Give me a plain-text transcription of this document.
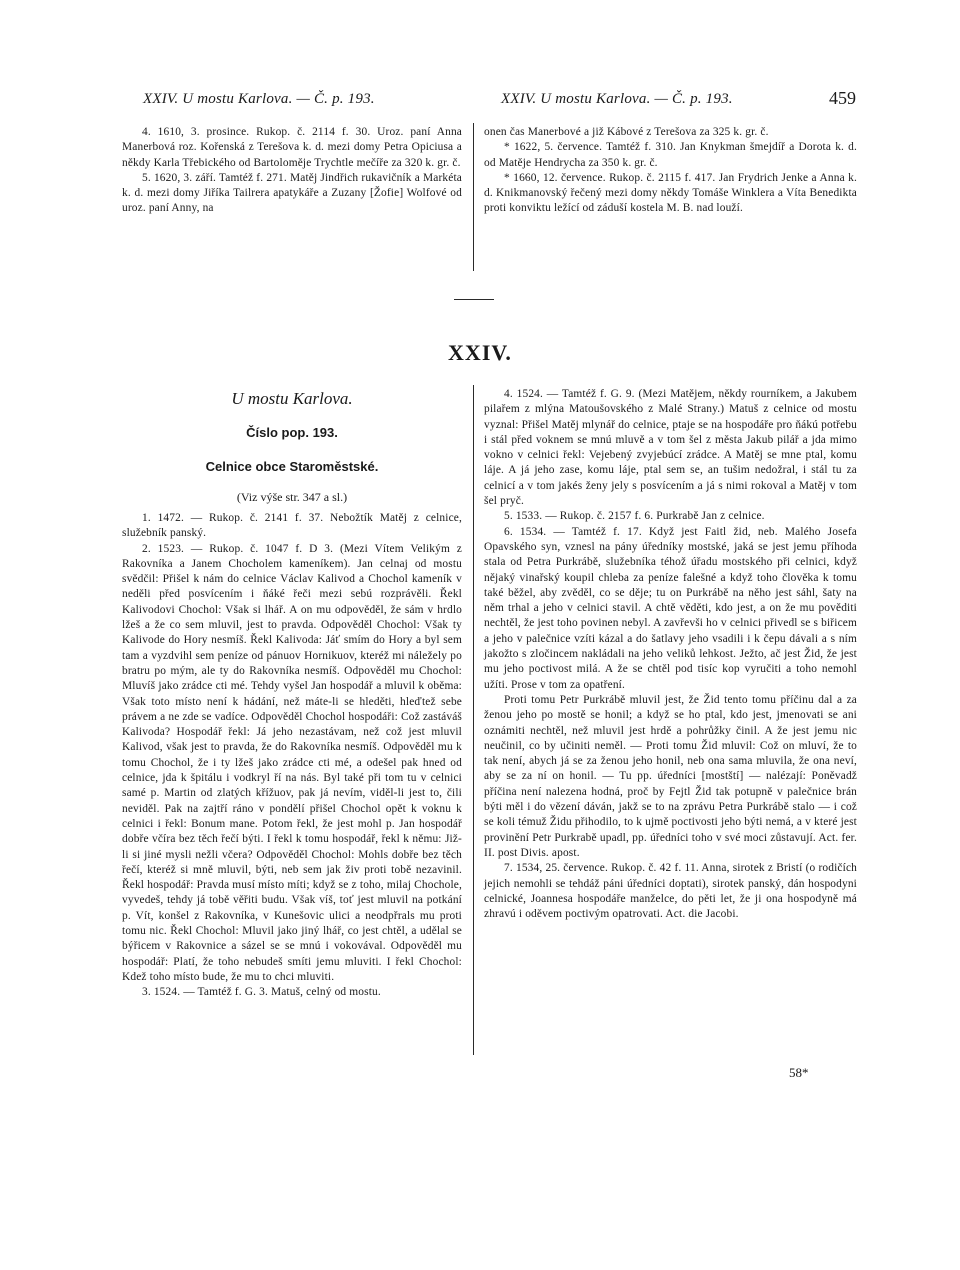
XXIV. U mostu Karlova. — Č. p. 193.	XXIV. U mostu Karlova. — Č. p. 193.	459

4. 1610, 3. prosince. Rukop. č. 2114 f. 30. Uroz. paní Anna Manerbová roz. Kořenská z Terešova k. d. mezi domy Petra Opiciusa a někdy Karla Třebického od Bartoloměje Trychtle mečíře za 320 k. gr. č.

5. 1620, 3. září. Tamtéž f. 271. Matěj Jindřich rukavičník a Markéta k. d. mezi domy Jiříka Tailrera apatykáře a Zuzany [Žofie] Wolfové od uroz. paní Anny, na

onen čas Manerbové a již Kábové z Terešova za 325 k. gr. č.

* 1622, 5. července. Tamtéž f. 310. Jan Knykman šmejdíř a Dorota k. d. od Matěje Hendrycha za 350 k. gr. č.

* 1660, 12. července. Rukop. č. 2115 f. 417. Jan Frydrich Jenke a Anna k. d. Knikmanovský řečený mezi domy někdy Tomáše Winklera a Víta Benedikta proti konviktu ležící od záduší kostela M. B. nad louží.

XXIV.
U mostu Karlova.
Číslo pop. 193.
Celnice obce Staroměstské.
(Viz výše str. 347 a sl.)

1. 1472. — Rukop. č. 2141 f. 37. Nebožtík Matěj z celnice, služebník panský.

2. 1523. — Rukop. č. 1047 f. D 3. (Mezi Vítem Velikým z Rakovníka a Janem Chocholem kameníkem). Jan celnaj od mostu svědčil: Přišel k nám do celnice Václav Kalivod a Chochol kameník v neděli před posvícením i ňáké řeči mezi sebú rozprávěli. Řekl Kalivodovi Chochol: Však si lhář. A on mu odpověděl, že sám v hrdlo lžeš a že co sem mluvil, jest to pravda. Odpověděl Chochol: Však ty Kalivode do Hory nesmíš. Řekl Kalivoda: Jáť smím do Hory a byl sem tam a vyzdvihl sem peníze od pánuov Hornikuov, kteréž mi náležely po bratru po mým, ale ty do Rakovníka nesmíš. Odpověděl mu Chochol: Mluvíš jako zrádce cti mé. Tehdy vyšel Jan hospodář a mluvil k oběma: Však toto místo není k hádání, než máte-li se hleděti, hleďtež sebe právem a ne zde se vadíce. Odpověděl Chochol hospodáři: Což zastáváš Kalivoda? Hospodář řekl: Já jeho nezastávam, než což jest mluvil Kalivod, však jest to pravda, že do Rakovníka nesmíš. Odpověděl mu k tomu Chochol, že i ty lžeš jako zrádce cti mé, a odešel pak hned od celnice, jda k špitálu i vodkryl ří na nás. Byl také při tom tu v celnici samé p. Martin od zlatých křížuov, pak já nevím, viděl-li jest to, čili neviděl. Pak na zajtří ráno v pondělí přišel Chochol opět k voknu k celnici i řekl: Bonum mane. Potom řekl, že jest mohl p. Jan hospodář dobře včíra bez těch řečí býti. I řekl k tomu hospodář, řekl k němu: Již-li si jiné mysli nežli včera? Odpověděl Chochol: Mohls dobře bez těch řečí, kteréž si mně mluvil, býti, neb sem jak živ proti tobě nezavinil. Řekl hospodář: Pravda musí místo míti; když se z toho, milaj Chochole, vyvedeš, tehdy já tobě věřiti budu. Však víš, toť jest mluvil na potkání p. Vít, konšel z Rakovníka, v Kunešovic ulici a neodpřrals mu proti tomu nic. Řekl Chochol: Mluvil jako jiný lhář, co jest chtěl, a udělal se býřicem v Rakovnice a sázel se se mnú i vokovával. Odpověděl mu hospodář: Platí, že toho nebudeš smíti jemu mluviti. I řekl Chochol: Kdež toho místo bude, že mu to chci mluviti.

3. 1524. — Tamtéž f. G. 3. Matuš, celný od mostu.

4. 1524. — Tamtéž f. G. 9. (Mezi Matějem, někdy rourníkem, a Jakubem pilařem z mlýna Matoušovského z Malé Strany.) Matuš z celnice od mostu vyznal: Přišel Matěj mlynář do celnice, ptaje se na hospodáře pro ňákú potřebu i stál před voknem se mnú mluvě a v tom šel z města Jakub pilář a jda mimo vokno v celnici řekl: Vejebený zvyjebúcí zrádce. A Matěj se mne ptal, komu láje. A já jeho zase, komu láje, ptal sem se, an tušim nedožral, i stál tu za celnicí a v tom jakés ženy jely s posvícením a já s nimi rokoval a Matěj v tom šel pryč.

5. 1533. — Rukop. č. 2157 f. 6. Purkrabě Jan z celnice.

6. 1534. — Tamtéž f. 17. Když jest Faitl žid, neb. Malého Josefa Opavského syn, vznesl na pány úředníky mostské, jaká se jest jemu příhoda stala od Petra Purkrábě, služebníka téhož úřadu mostského při celnici, když nějaký vinařský koupil chleba za peníze falešné a když toho člověka k tomu také běžel, aby zvěděl, co se děje; tu on Purkrábě na něho jest sáhl, šaty na něm trhal a jeho v celnici stavil. A chtě věděti, kdo jest, a on že mu pověditi nechtěl, že jest toho povinen nebyl. A zavřevši ho v celnici přivedl se s biřicem a jeho v palečnice vzíti kázal a do šatlavy jeho vsadili i k čepu dávali a s ním jakožto s zločincem nakládali na jeho veliků lehkost. Ježto, ač jest Žid, že jest mu jeho poctivost milá. A že se chtěl pod tisíc kop vyručiti a toho nemohl užíti. Prose v tom za opatření.

Proti tomu Petr Purkrábě mluvil jest, že Žid tento tomu příčinu dal a za ženou jeho po mostě se honil; a když se ho ptal, kdo jest, jmenovati se ani oznámiti nechtěl, než mluvil jest hrdě a pohrůžky činil. A že jest jemu nic neučinil, co by učiniti neměl. — Proti tomu Žid mluvil: Což on mluví, že to tak není, abych já se za ženou jeho honil, neb ona sama mluvila, že ona neví, aby se za ní on honil. — Tu pp. úředníci [mostští] — nalézají: Poněvadž příčina není nalezena hodná, proč by Fejtl Žid tak potupně v palečnice brán býti měl i do vězení dáván, jakž se to na zprávu Petra Purkrábě stalo — i což se koli témuž Židu přihodilo, to k ujmě poctivosti jeho býti nemá, a v které jest provinění Petr Purkrabě upadl, pp. úředníci toho v své moci zůstavují. Act. fer. II. post Divis. apost.

7. 1534, 25. července. Rukop. č. 42 f. 11. Anna, sirotek z Bristí (o rodičích jejich nemohli se tehdáž páni úředníci doptati), sirotek panský, dán hospodyni celnické, Joannesa hospodáře manželce, do pěti let, že ji ona hospodyně má zhravú i oděvem poctivým opatrovati. Act. die Jacobi.

58*
